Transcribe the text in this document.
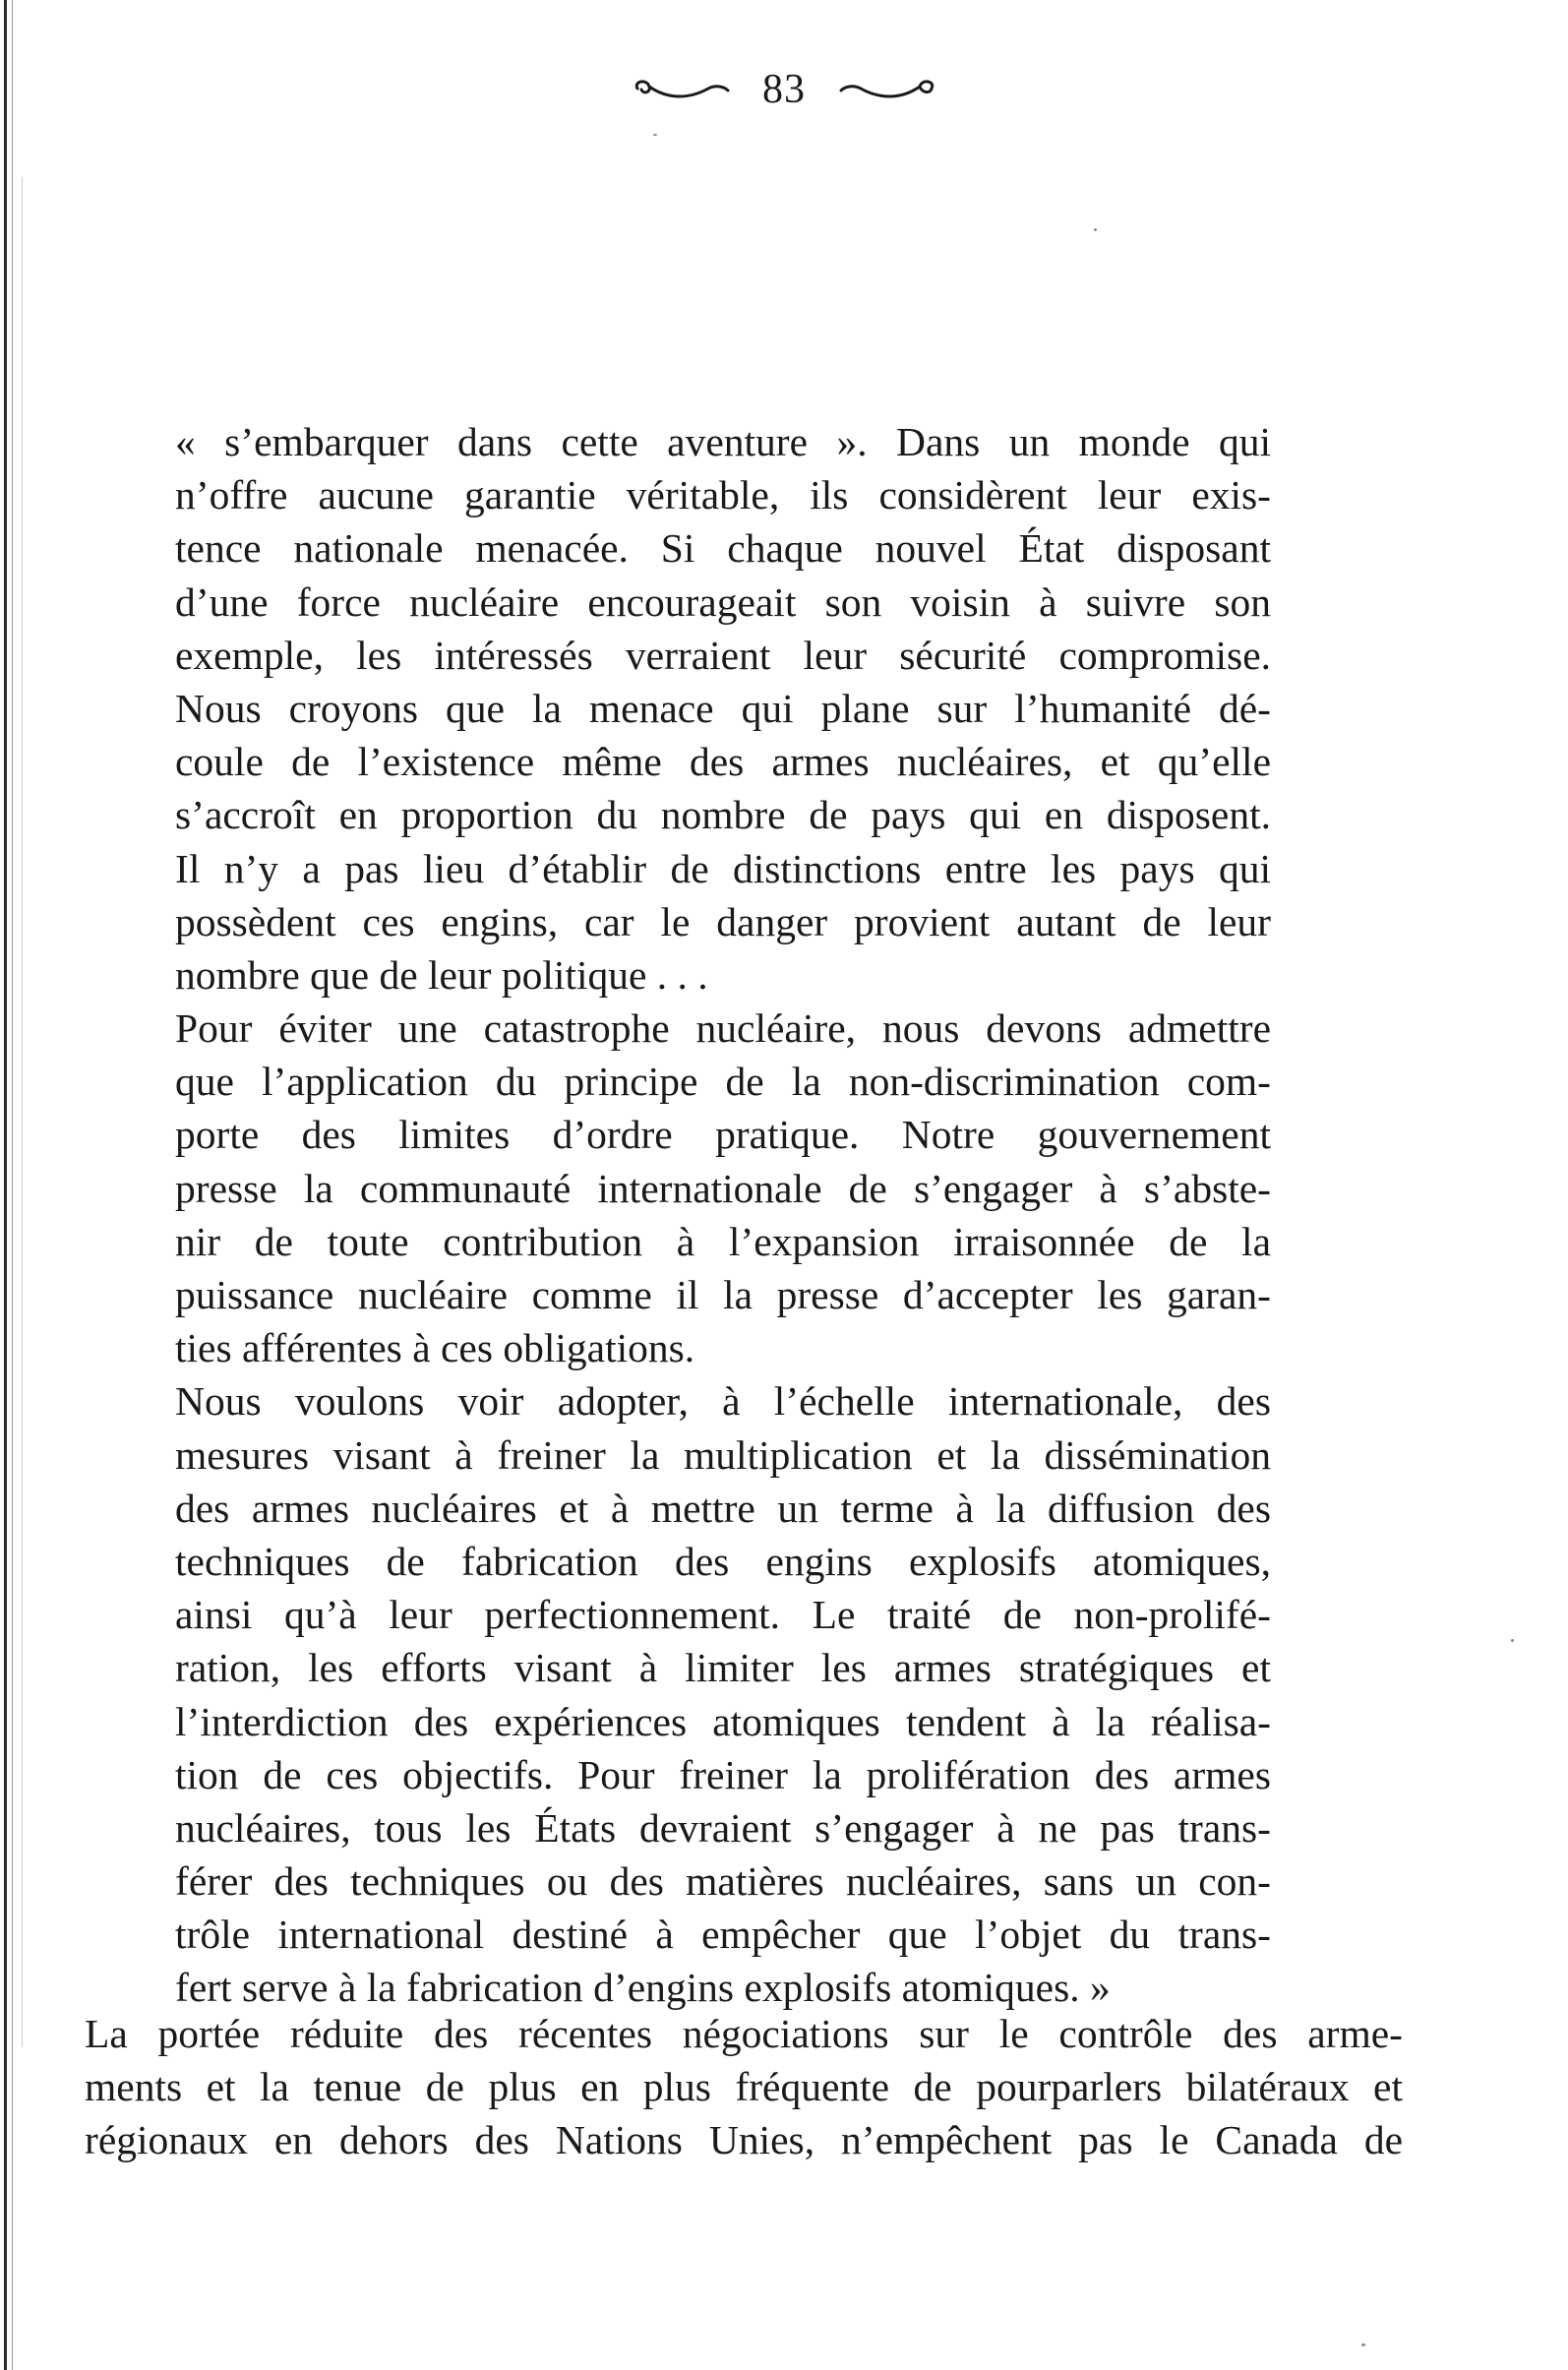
83
« s’embarquer dans cette aventure ». Dans un monde qui
n’offre aucune garantie véritable, ils considèrent leur exis-
tence nationale menacée. Si chaque nouvel État disposant
d’une force nucléaire encourageait son voisin à suivre son
exemple, les intéressés verraient leur sécurité compromise.
Nous croyons que la menace qui plane sur l’humanité dé-
coule de l’existence même des armes nucléaires, et qu’elle
s’accroît en proportion du nombre de pays qui en disposent.
Il n’y a pas lieu d’établir de distinctions entre les pays qui
possèdent ces engins, car le danger provient autant de leur
nombre que de leur politique . . .
Pour éviter une catastrophe nucléaire, nous devons admettre
que l’application du principe de la non-discrimination com-
porte des limites d’ordre pratique. Notre gouvernement
presse la communauté internationale de s’engager à s’abste-
nir de toute contribution à l’expansion irraisonnée de la
puissance nucléaire comme il la presse d’accepter les garan-
ties afférentes à ces obligations.
Nous voulons voir adopter, à l’échelle internationale, des
mesures visant à freiner la multiplication et la dissémination
des armes nucléaires et à mettre un terme à la diffusion des
techniques de fabrication des engins explosifs atomiques,
ainsi qu’à leur perfectionnement. Le traité de non-prolifé-
ration, les efforts visant à limiter les armes stratégiques et
l’interdiction des expériences atomiques tendent à la réalisa-
tion de ces objectifs. Pour freiner la prolifération des armes
nucléaires, tous les États devraient s’engager à ne pas trans-
férer des techniques ou des matières nucléaires, sans un con-
trôle international destiné à empêcher que l’objet du trans-
fert serve à la fabrication d’engins explosifs atomiques. »
La portée réduite des récentes négociations sur le contrôle des arme-
ments et la tenue de plus en plus fréquente de pourparlers bilatéraux et
régionaux en dehors des Nations Unies, n’empêchent pas le Canada de
